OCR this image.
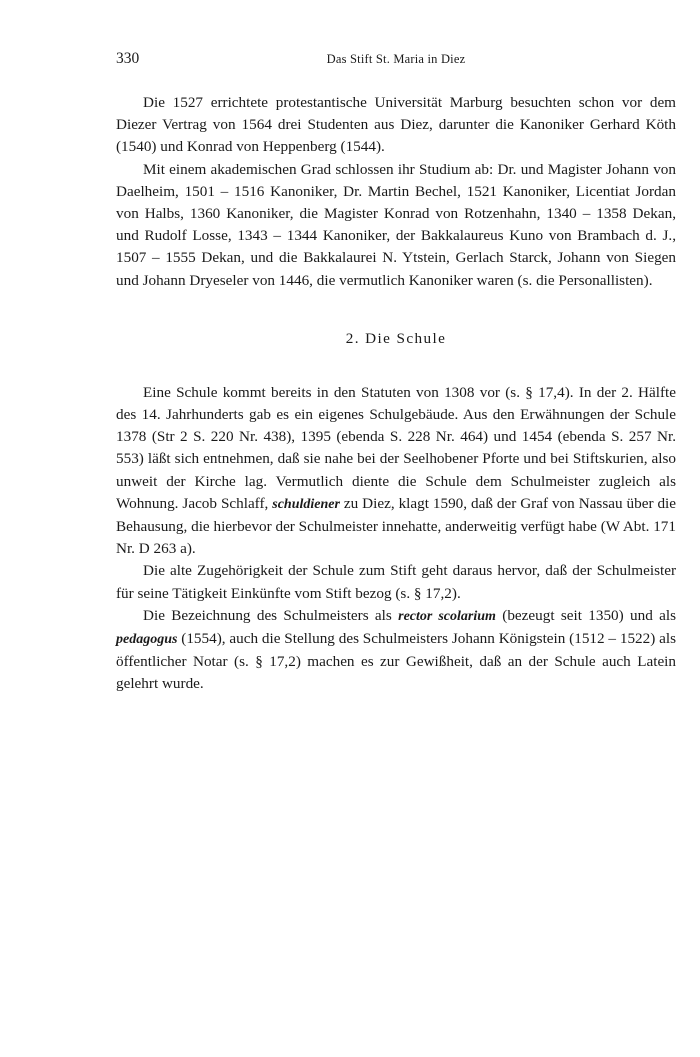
330	Das Stift St. Maria in Diez

Die 1527 errichtete protestantische Universität Marburg besuchten schon vor dem Diezer Vertrag von 1564 drei Studenten aus Diez, darunter die Kanoniker Gerhard Köth (1540) und Konrad von Heppenberg (1544).

Mit einem akademischen Grad schlossen ihr Studium ab: Dr. und Magister Johann von Daelheim, 1501 – 1516 Kanoniker, Dr. Martin Bechel, 1521 Kanoniker, Licentiat Jordan von Halbs, 1360 Kanoniker, die Magister Konrad von Rotzenhahn, 1340 – 1358 Dekan, und Rudolf Losse, 1343 – 1344 Kanoniker, der Bakkalaureus Kuno von Brambach d. J., 1507 – 1555 Dekan, und die Bakkalaurei N. Ytstein, Gerlach Starck, Johann von Siegen und Johann Dryeseler von 1446, die vermutlich Kanoniker waren (s. die Personallisten).

2. Die Schule

Eine Schule kommt bereits in den Statuten von 1308 vor (s. § 17,4). In der 2. Hälfte des 14. Jahrhunderts gab es ein eigenes Schulgebäude. Aus den Erwähnungen der Schule 1378 (Str 2 S. 220 Nr. 438), 1395 (ebenda S. 228 Nr. 464) und 1454 (ebenda S. 257 Nr. 553) läßt sich entnehmen, daß sie nahe bei der Seelhobener Pforte und bei Stiftskurien, also unweit der Kirche lag. Vermutlich diente die Schule dem Schulmeister zugleich als Wohnung. Jacob Schlaff, schuldiener zu Diez, klagt 1590, daß der Graf von Nassau über die Behausung, die hierbevor der Schulmeister innehatte, anderweitig verfügt habe (W Abt. 171 Nr. D 263 a).

Die alte Zugehörigkeit der Schule zum Stift geht daraus hervor, daß der Schulmeister für seine Tätigkeit Einkünfte vom Stift bezog (s. § 17,2).

Die Bezeichnung des Schulmeisters als rector scolarium (bezeugt seit 1350) und als pedagogus (1554), auch die Stellung des Schulmeisters Johann Königstein (1512 – 1522) als öffentlicher Notar (s. § 17,2) machen es zur Gewißheit, daß an der Schule auch Latein gelehrt wurde.
